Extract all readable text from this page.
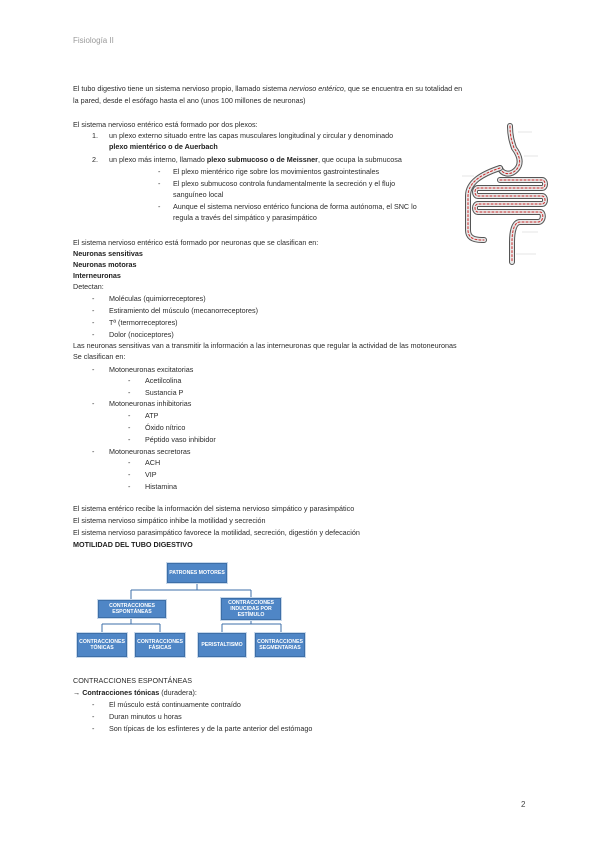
Fisiología II
El tubo digestivo tiene un sistema nervioso propio, llamado sistema nervioso entérico, que se encuentra en su totalidad en
la pared, desde el esófago hasta el ano (unos 100 millones de neuronas)
El sistema nervioso entérico está formado por dos plexos:
1. un plexo externo situado entre las capas musculares longitudinal y circular y denominado
plexo mientérico o de Auerbach
2. un plexo más interno, llamado plexo submucoso o de Meissner, que ocupa la submucosa
- El plexo mientérico rige sobre los movimientos gastrointestinales
- El plexo submucoso controla fundamentalmente la secreción y el flujo
sanguíneo local
- Aunque el sistema nervioso entérico funciona de forma autónoma, el SNC lo
regula a través del simpático y parasimpático
El sistema nervioso entérico está formado por neuronas que se clasifican en:
Neuronas sensitivas
Neuronas motoras
Interneuronas
Detectan:
- Moléculas (quimiorreceptores)
- Estiramiento del músculo (mecanorreceptores)
- Tª (termorreceptores)
- Dolor (nociceptores)
Las neuronas sensitivas van a transmitir la información a las interneuronas que regular la actividad de las motoneuronas
Se clasifican en:
- Motoneuronas excitatorias
- Acetilcolina
- Sustancia P
- Motoneuronas inhibitorias
- ATP
- Óxido nítrico
- Péptido vaso inhibidor
- Motoneuronas secretoras
- ACH
- VIP
- Histamina
El sistema entérico recibe la información del sistema nervioso simpático y parasimpático
El sistema nervioso simpático inhibe la motilidad y secreción
El sistema nervioso parasimpático favorece la motilidad, secreción, digestión y defecación
MOTILIDAD DEL TUBO DIGESTIVO
PATRONES MOTORES
CONTRACCIONES ESPONTÁNEAS
CONTRACCIONES INDUCIDAS POR ESTÍMULO
CONTRACCIONES TÓNICAS
CONTRACCIONES FÁSICAS	PERISTALTISMO	CONTRACCIONES SEGMENTARIAS
CONTRACCIONES ESPONTÁNEAS
→ Contracciones tónicas (duradera):
- El músculo está continuamente contraído
- Duran minutos u horas
- Son típicas de los esfínteres y de la parte anterior del estómago
2
